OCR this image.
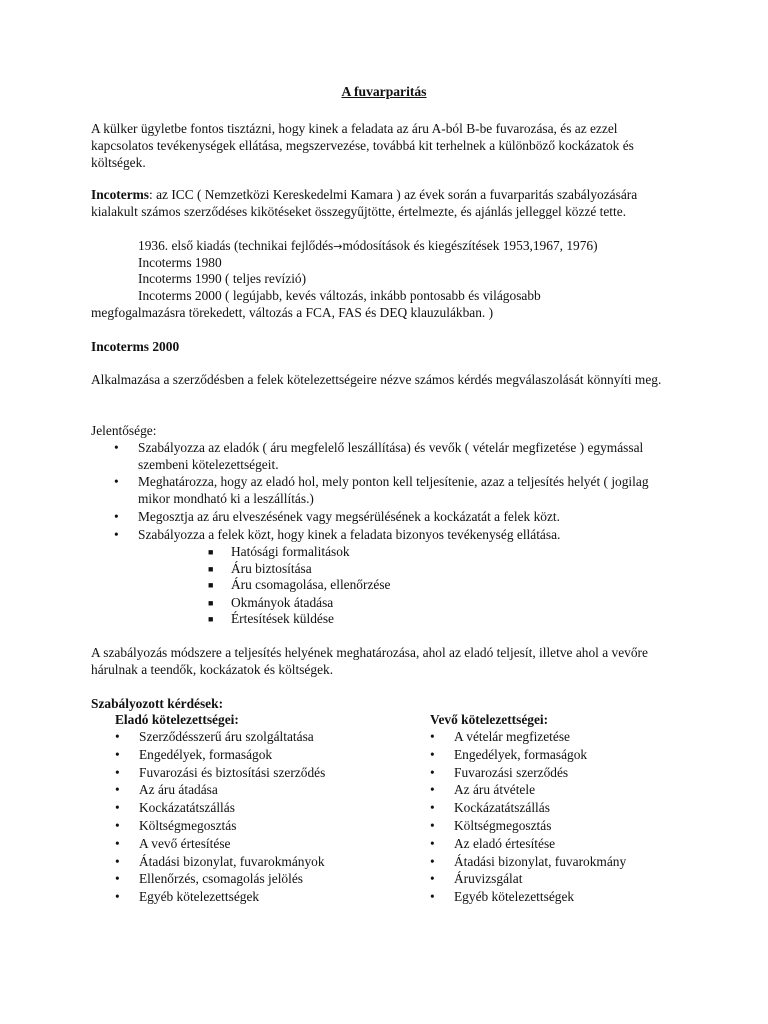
A fuvarparitás

A külker ügyletbe fontos tisztázni, hogy kinek a feladata az áru A-ból B-be fuvarozása, és az ezzel kapcsolatos tevékenységek ellátása, megszervezése, továbbá kit terhelnek a különböző kockázatok és költségek.

Incoterms: az ICC ( Nemzetközi Kereskedelmi Kamara ) az évek során a fuvarparitás szabályozására kialakult számos szerződéses kikötéseket összegyűjtötte, értelmezte, és ajánlás jelleggel közzé tette.

1936. első kiadás (technikai fejlődés→módosítások és kiegészítések 1953,1967, 1976)

Incoterms 1980

Incoterms 1990 ( teljes revízió)

Incoterms 2000 ( legújabb, kevés változás, inkább pontosabb és világosabb

megfogalmazásra törekedett, változás a FCA, FAS és DEQ klauzulákban. )

Incoterms 2000

Alkalmazása a szerződésben a felek kötelezettségeire nézve számos kérdés megválaszolását könnyíti meg.

Jelentősége:

• Szabályozza az eladók ( áru megfelelő leszállítása) és vevők ( vételár megfizetése ) egymással szembeni kötelezettségeit.
• Meghatározza, hogy az eladó hol, mely ponton kell teljesítenie, azaz a teljesítés helyét ( jogilag mikor mondható ki a leszállítás.)
• Megosztja az áru elveszésének vagy megsérülésének a kockázatát a felek közt.
• Szabályozza a felek közt, hogy kinek a feladata bizonyos tevékenység ellátása.
■ Hatósági formalitások
■ Áru biztosítása
■ Áru csomagolása, ellenőrzése
■ Okmányok átadása
■ Értesítések küldése

A szabályozás módszere a teljesítés helyének meghatározása, ahol az eladó teljesít, illetve ahol a vevőre hárulnak a teendők, kockázatok és költségek.

Szabályozott kérdések:

Eladó kötelezettségei:	Vevő kötelezettségei:
• Szerződésszerű áru szolgáltatása
• Engedélyek, formaságok
• Fuvarozási és biztosítási szerződés
• Az áru átadása
• Kockázatátszállás
• Költségmegosztás
• A vevő értesítése
• Átadási bizonylat, fuvarokmányok
• Ellenőrzés, csomagolás jelölés
• Egyéb kötelezettségek
• A vételár megfizetése
• Engedélyek, formaságok
• Fuvarozási szerződés
• Az áru átvétele
• Kockázatátszállás
• Költségmegosztás
• Az eladó értesítése
• Átadási bizonylat, fuvarokmány
• Áruvizsgálat
• Egyéb kötelezettségek
